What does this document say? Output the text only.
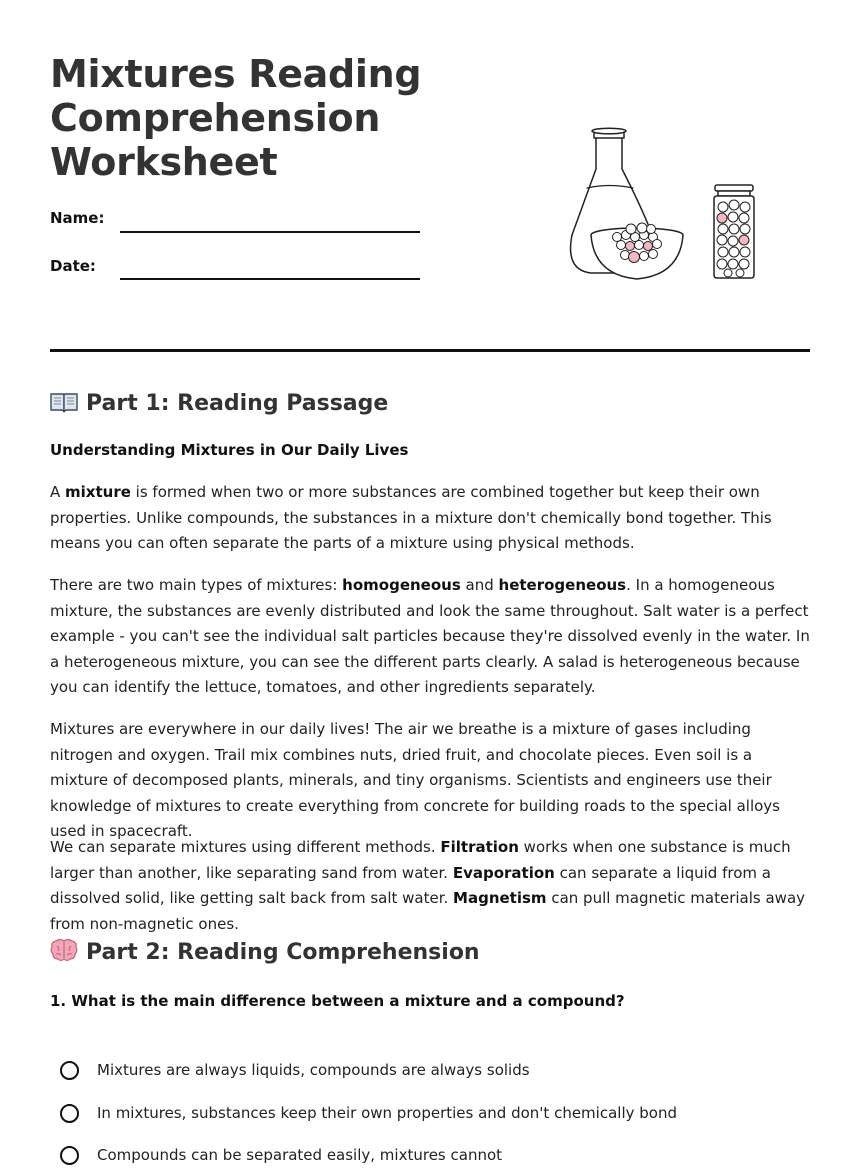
Mixtures Reading Comprehension Worksheet
Name:
Date:
Part 1: Reading Passage
Understanding Mixtures in Our Daily Lives

A mixture is formed when two or more substances are combined together but keep their own properties. Unlike compounds, the substances in a mixture don't chemically bond together. This means you can often separate the parts of a mixture using physical methods.

There are two main types of mixtures: homogeneous and heterogeneous. In a homogeneous mixture, the substances are evenly distributed and look the same throughout. Salt water is a perfect example - you can't see the individual salt particles because they're dissolved evenly in the water. In a heterogeneous mixture, you can see the different parts clearly. A salad is heterogeneous because you can identify the lettuce, tomatoes, and other ingredients separately.

Mixtures are everywhere in our daily lives! The air we breathe is a mixture of gases including nitrogen and oxygen. Trail mix combines nuts, dried fruit, and chocolate pieces. Even soil is a mixture of decomposed plants, minerals, and tiny organisms. Scientists and engineers use their knowledge of mixtures to create everything from concrete for building roads to the special alloys used in spacecraft.

We can separate mixtures using different methods. Filtration works when one substance is much larger than another, like separating sand from water. Evaporation can separate a liquid from a dissolved solid, like getting salt back from salt water. Magnetism can pull magnetic materials away from non-magnetic ones.

Part 2: Reading Comprehension
1. What is the main difference between a mixture and a compound?
Mixtures are always liquids, compounds are always solids
In mixtures, substances keep their own properties and don't chemically bond
Compounds can be separated easily, mixtures cannot
